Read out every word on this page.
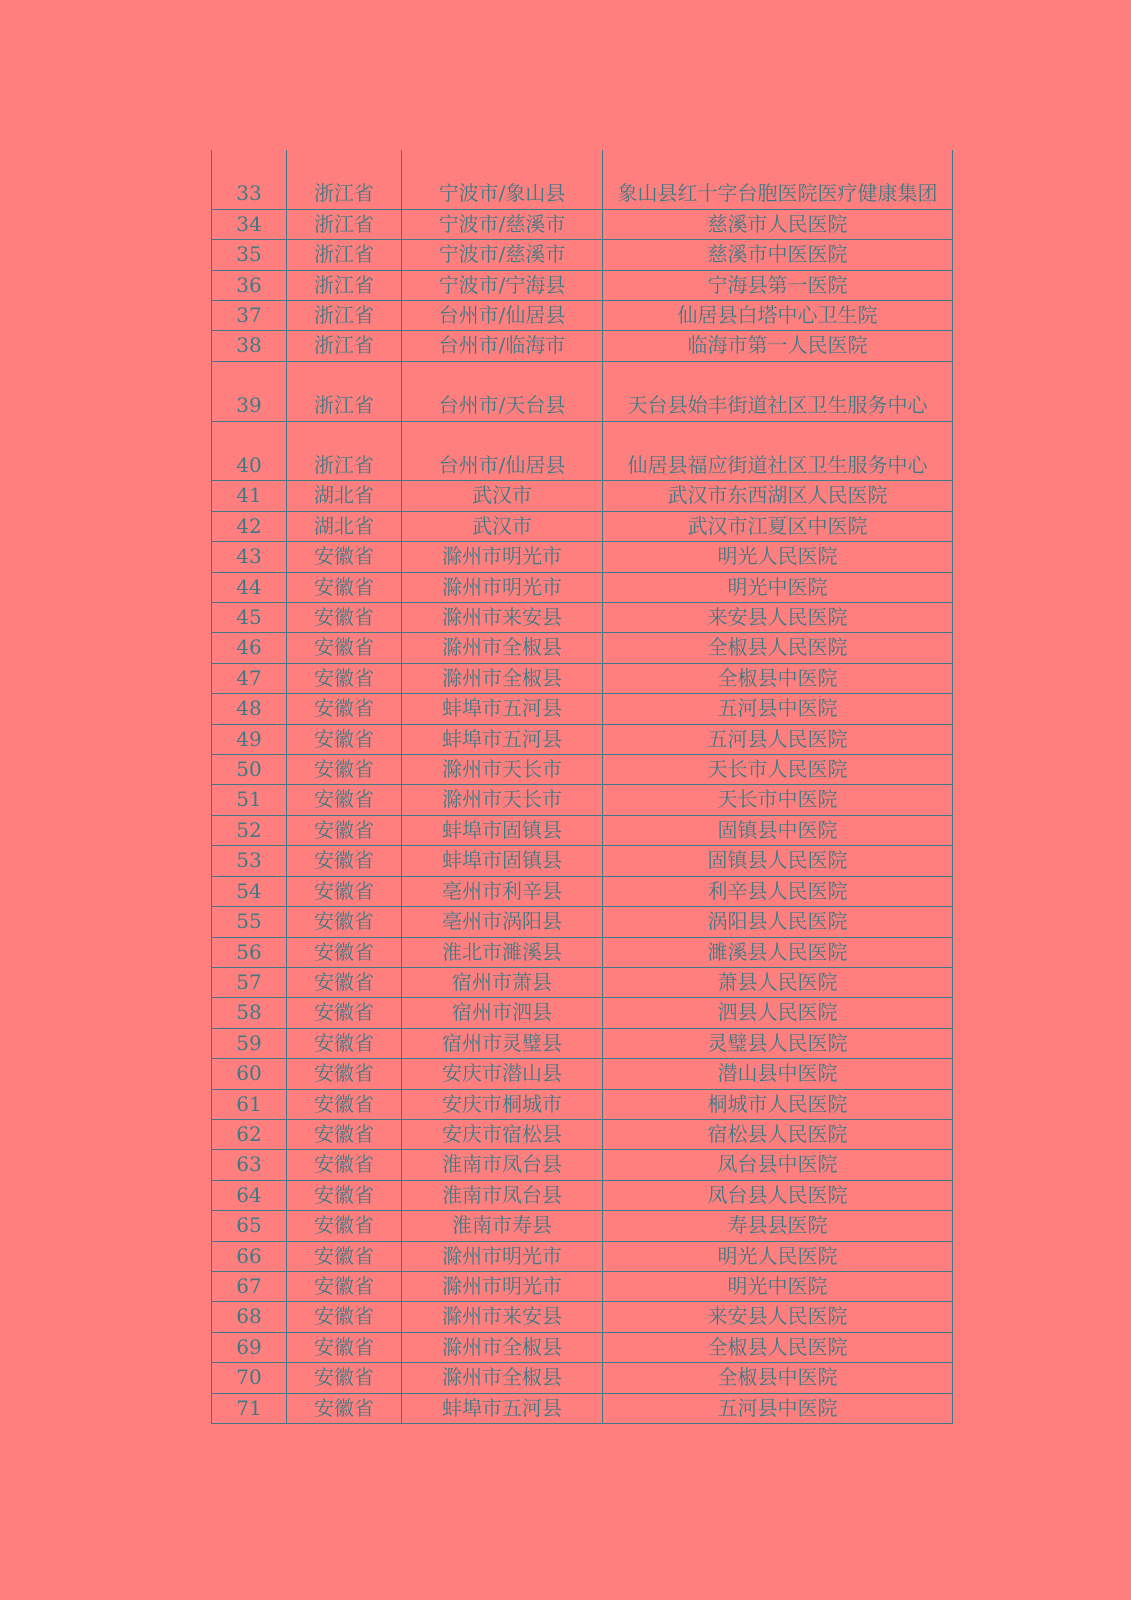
33	浙江省	宁波市/象山县	象山县红十字台胞医院医疗健康集团
34	浙江省	宁波市/慈溪市	慈溪市人民医院
35	浙江省	宁波市/慈溪市	慈溪市中医医院
36	浙江省	宁波市/宁海县	宁海县第一医院
37	浙江省	台州市/仙居县	仙居县白塔中心卫生院
38	浙江省	台州市/临海市	临海市第一人民医院
39	浙江省	台州市/天台县	天台县始丰街道社区卫生服务中心
40	浙江省	台州市/仙居县	仙居县福应街道社区卫生服务中心
41	湖北省	武汉市	武汉市东西湖区人民医院
42	湖北省	武汉市	武汉市江夏区中医院
43	安徽省	滁州市明光市	明光人民医院
44	安徽省	滁州市明光市	明光中医院
45	安徽省	滁州市来安县	来安县人民医院
46	安徽省	滁州市全椒县	全椒县人民医院
47	安徽省	滁州市全椒县	全椒县中医院
48	安徽省	蚌埠市五河县	五河县中医院
49	安徽省	蚌埠市五河县	五河县人民医院
50	安徽省	滁州市天长市	天长市人民医院
51	安徽省	滁州市天长市	天长市中医院
52	安徽省	蚌埠市固镇县	固镇县中医院
53	安徽省	蚌埠市固镇县	固镇县人民医院
54	安徽省	亳州市利辛县	利辛县人民医院
55	安徽省	亳州市涡阳县	涡阳县人民医院
56	安徽省	淮北市濉溪县	濉溪县人民医院
57	安徽省	宿州市萧县	萧县人民医院
58	安徽省	宿州市泗县	泗县人民医院
59	安徽省	宿州市灵璧县	灵璧县人民医院
60	安徽省	安庆市潜山县	潜山县中医院
61	安徽省	安庆市桐城市	桐城市人民医院
62	安徽省	安庆市宿松县	宿松县人民医院
63	安徽省	淮南市凤台县	凤台县中医院
64	安徽省	淮南市凤台县	凤台县人民医院
65	安徽省	淮南市寿县	寿县县医院
66	安徽省	滁州市明光市	明光人民医院
67	安徽省	滁州市明光市	明光中医院
68	安徽省	滁州市来安县	来安县人民医院
69	安徽省	滁州市全椒县	全椒县人民医院
70	安徽省	滁州市全椒县	全椒县中医院
71	安徽省	蚌埠市五河县	五河县中医院
